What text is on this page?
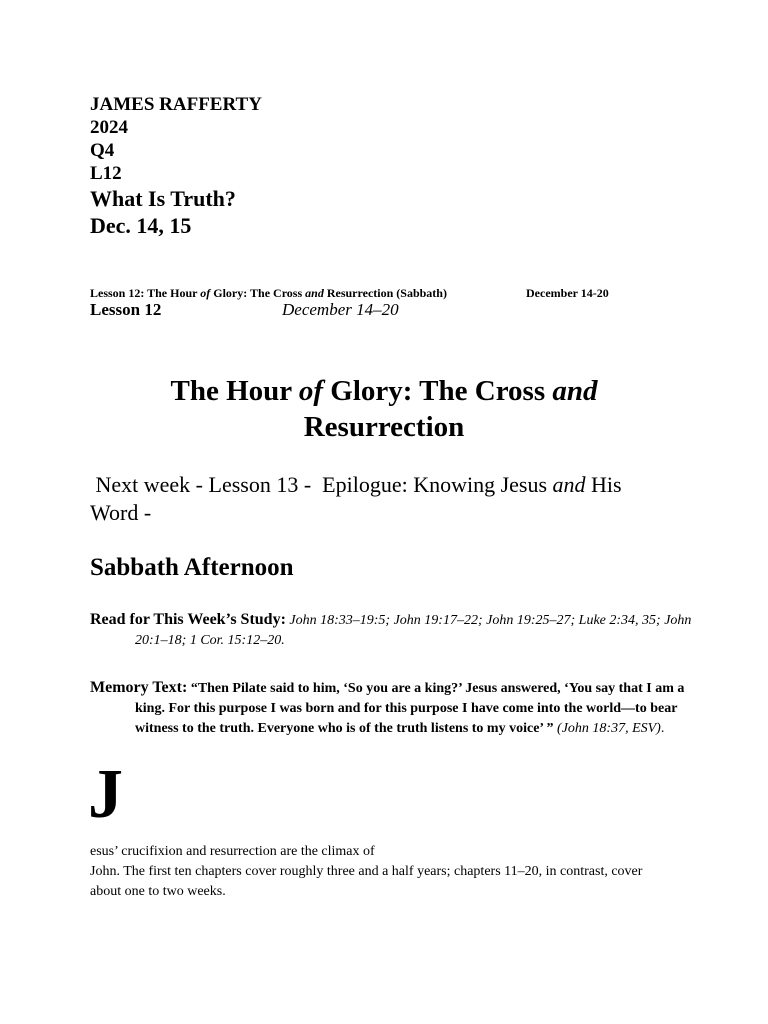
JAMES RAFFERTY
2024
Q4
L12
What Is Truth?
Dec. 14, 15
Lesson 12: The Hour of Glory: The Cross and Resurrection (Sabbath)	December 14-20
Lesson 12	December 14–20
The Hour of Glory: The Cross and
Resurrection
Next week - Lesson 13 -  Epilogue: Knowing Jesus and His Word -
Sabbath Afternoon
Read for This Week’s Study: John 18:33–19:5; John 19:17–22; John 19:25–27; Luke 2:34, 35; John 20:1–18; 1 Cor. 15:12–20.
Memory Text: “Then Pilate said to him, ‘So you are a king?’ Jesus answered, ‘You say that I am a king. For this purpose I was born and for this purpose I have come into the world—to bear witness to the truth. Everyone who is of the truth listens to my voice’ ” (John 18:37, ESV).
J
esus’ crucifixion and resurrection are the climax of
John. The first ten chapters cover roughly three and a half years; chapters 11–20, in contrast, cover about one to two weeks.
